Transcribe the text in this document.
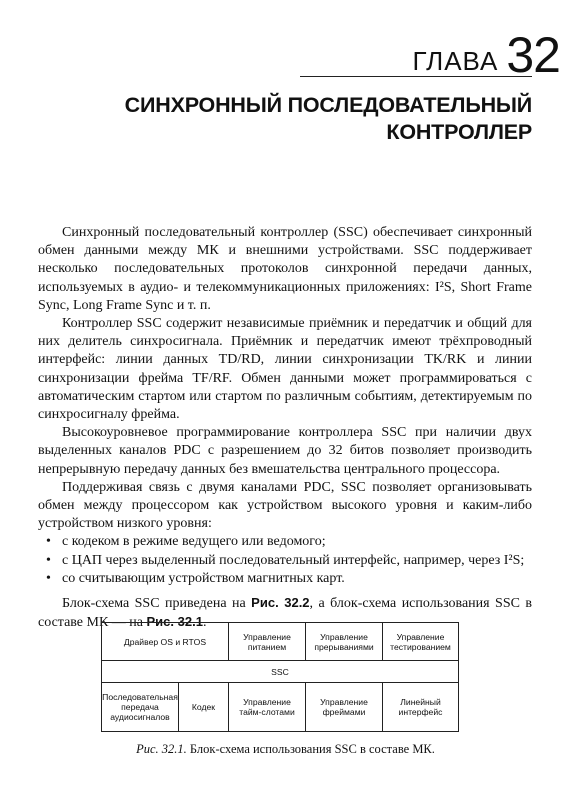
ГЛАВА 32
СИНХРОННЫЙ ПОСЛЕДОВАТЕЛЬНЫЙ
КОНТРОЛЛЕР

Синхронный последовательный контроллер (SSC) обеспечивает синхронный обмен данными между МК и внешними устройствами. SSC поддерживает несколько последовательных протоколов синхронной передачи данных, используемых в аудио- и телекоммуникационных приложениях: I²S, Short Frame Sync, Long Frame Sync и т. п.

Контроллер SSC содержит независимые приёмник и передатчик и общий для них делитель синхросигнала. Приёмник и передатчик имеют трёхпроводный интерфейс: линии данных TD/RD, линии синхронизации TK/RK и линии синхронизации фрейма TF/RF. Обмен данными может программироваться с автоматическим стартом или стартом по различным событиям, детектируемым по синхросигналу фрейма.

Высокоуровневое программирование контроллера SSC при наличии двух выделенных каналов PDC с разрешением до 32 битов позволяет производить непрерывную передачу данных без вмешательства центрального процессора.

Поддерживая связь с двумя каналами PDC, SSC позволяет организовывать обмен между процессором как устройством высокого уровня и каким-либо устройством низкого уровня:

• с кодеком в режиме ведущего или ведомого;
• с ЦАП через выделенный последовательный интерфейс, например, через I²S;
• со считывающим устройством магнитных карт.

Блок-схема SSC приведена на Рис. 32.2, а блок-схема использования SSC в составе МК — на Рис. 32.1.

Драйвер OS и RTOS	Управление питанием
Управление прерываниями
Управление тестированием
SSC
Последовательная передача аудиосигналов
Кодек	Управление тайм-слотами
Управление фреймами
Линейный интерфейс
Рис. 32.1. Блок-схема использования SSC в составе МК.
